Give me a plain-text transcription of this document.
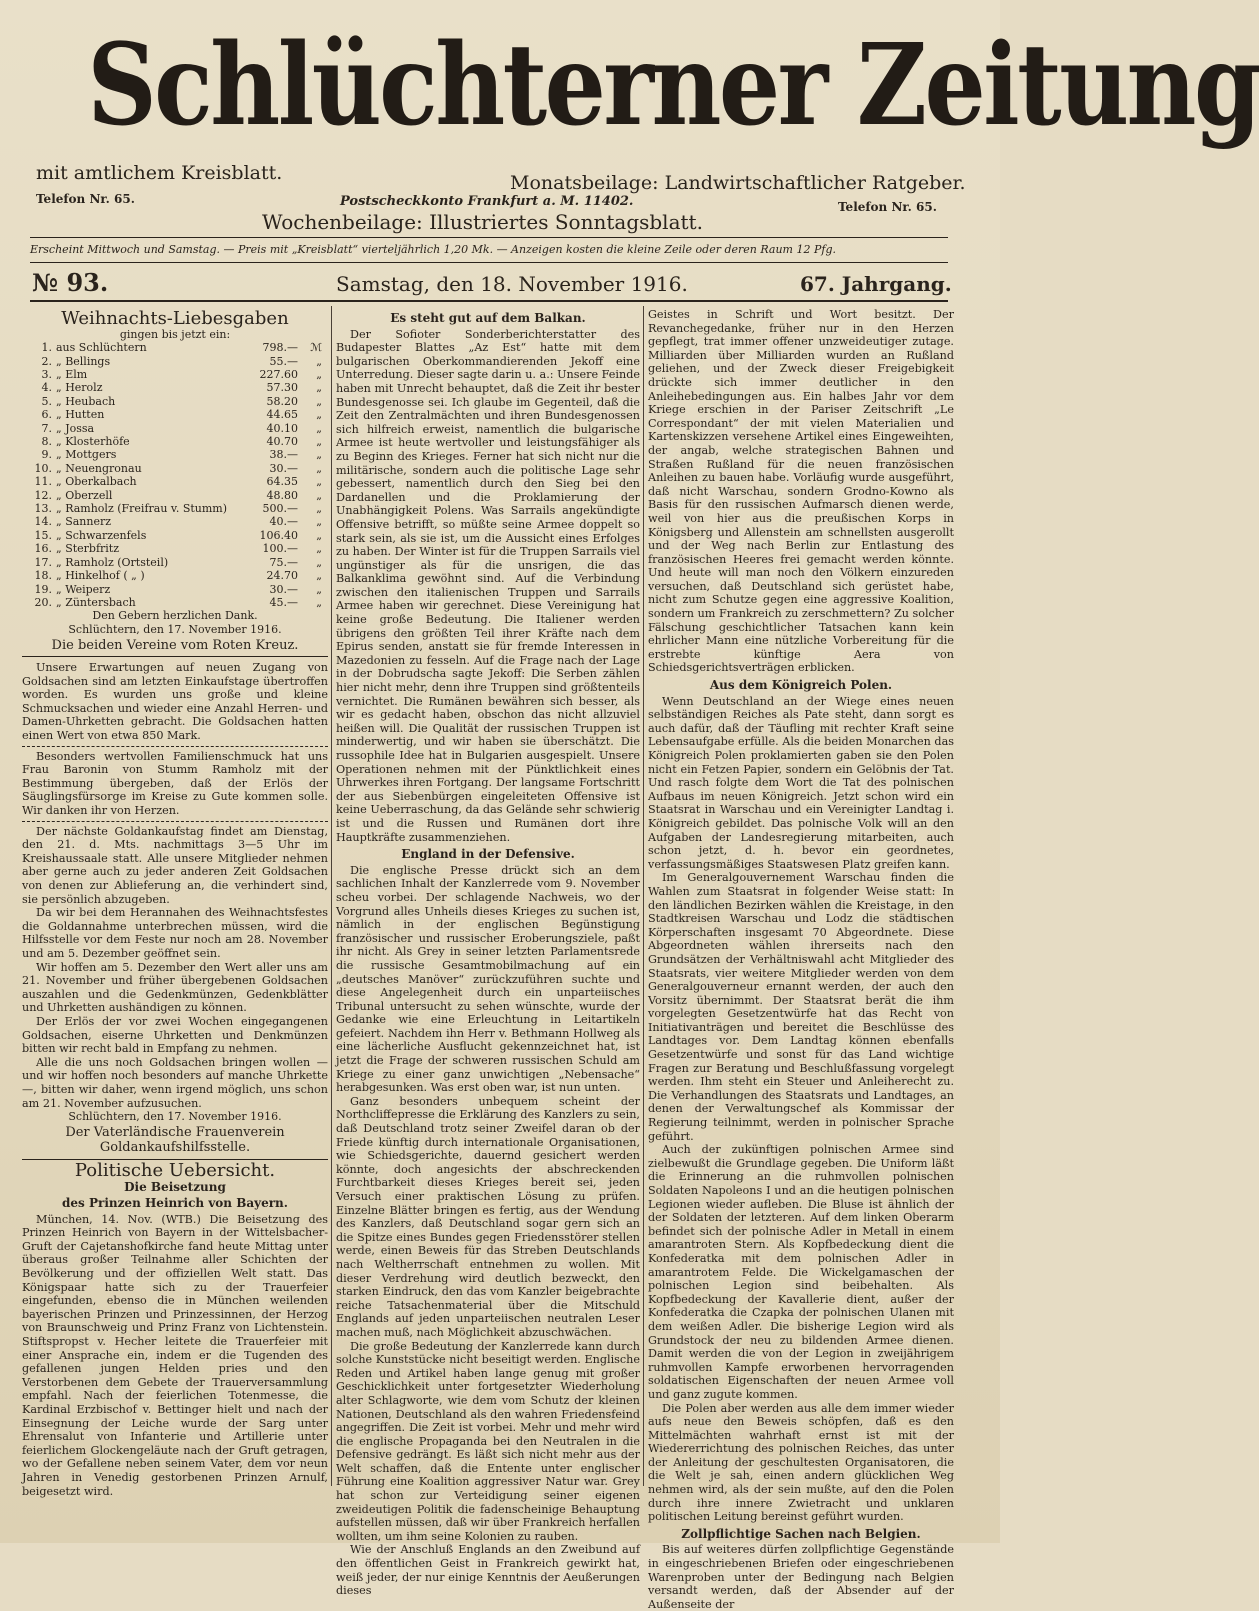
Schlüchterner Zeitung
mit amtlichem Kreisblatt.	Monatsbeilage: Landwirtschaftlicher Ratgeber.
Telefon Nr. 65.
Telefon Nr. 65.
Postscheckkonto Frankfurt a. M. 11402.
Wochenbeilage: Illustriertes Sonntagsblatt.
Erscheint Mittwoch und Samstag. — Preis mit „Kreisblatt“ vierteljährlich 1,20 Mk. — Anzeigen kosten die kleine Zeile oder deren Raum 12 Pfg.
№ 93.	Samstag, den 18. November 1916.	67. Jahrgang.
Weihnachts-Liebesgaben
gingen bis jetzt ein:
1. aus Schlüchtern	798.—	ℳ
2. „ Bellings	55.—	„
3. „ Elm	227.60	„
4. „ Herolz	57.30	„
5. „ Heubach	58.20	„
6. „ Hutten	44.65	„
7. „ Jossa	40.10	„
8. „ Klosterhöfe	40.70	„
9. „ Mottgers	38.—	„
10. „ Neuengronau	30.—	„
11. „ Oberkalbach	64.35	„
12. „ Oberzell	48.80	„
13. „ Ramholz (Freifrau v. Stumm)	500.—	„
14. „ Sannerz	40.—	„
15. „ Schwarzenfels	106.40	„
16. „ Sterbfritz	100.—	„
17. „ Ramholz (Ortsteil)	75.—	„
18. „ Hinkelhof ( „ )	24.70	„
19. „ Weiperz	30.—	„
20. „ Züntersbach	45.—	„
Den Gebern herzlichen Dank.
Schlüchtern, den 17. November 1916.
Die beiden Vereine vom Roten Kreuz.

Unsere Erwartungen auf neuen Zugang von Goldsachen sind am letzten Einkaufstage übertroffen worden. Es wurden uns große und kleine Schmucksachen und wieder eine Anzahl Herren- und Damen-Uhrketten gebracht. Die Goldsachen hatten einen Wert von etwa 850 Mark.

Besonders wertvollen Familienschmuck hat uns Frau Baronin von Stumm Ramholz mit der Bestimmung übergeben, daß der Erlös der Säuglingsfürsorge im Kreise zu Gute kommen solle. Wir danken ihr von Herzen.

Der nächste Goldankaufstag findet am Dienstag, den 21. d. Mts. nachmittags 3—5 Uhr im Kreishaussaale statt. Alle unsere Mitglieder nehmen aber gerne auch zu jeder anderen Zeit Goldsachen von denen zur Ablieferung an, die verhindert sind, sie persönlich abzugeben.

Da wir bei dem Herannahen des Weihnachtsfestes die Goldannahme unterbrechen müssen, wird die Hilfsstelle vor dem Feste nur noch am 28. November und am 5. Dezember geöffnet sein.

Wir hoffen am 5. Dezember den Wert aller uns am 21. November und früher übergebenen Goldsachen auszahlen und die Gedenkmünzen, Gedenkblätter und Uhrketten aushändigen zu können.

Der Erlös der vor zwei Wochen eingegangenen Goldsachen, eiserne Uhrketten und Denkmünzen bitten wir recht bald in Empfang zu nehmen.

Alle die uns noch Goldsachen bringen wollen — und wir hoffen noch besonders auf manche Uhrkette —, bitten wir daher, wenn irgend möglich, uns schon am 21. November aufzusuchen.

Schlüchtern, den 17. November 1916.
Der Vaterländische Frauenverein
Goldankaufshilfsstelle.
Politische Uebersicht.
Die Beisetzung
des Prinzen Heinrich von Bayern.

München, 14. Nov. (WTB.) Die Beisetzung des Prinzen Heinrich von Bayern in der Wittelsbacher-Gruft der Cajetanshofkirche fand heute Mittag unter überaus großer Teilnahme aller Schichten der Bevölkerung und der offiziellen Welt statt. Das Königspaar hatte sich zu der Trauerfeier eingefunden, ebenso die in München weilenden bayerischen Prinzen und Prinzessinnen, der Herzog von Braunschweig und Prinz Franz von Lichtenstein. Stiftspropst v. Hecher leitete die Trauerfeier mit einer Ansprache ein, indem er die Tugenden des gefallenen jungen Helden pries und den Verstorbenen dem Gebete der Trauerversammlung empfahl. Nach der feierlichen Totenmesse, die Kardinal Erzbischof v. Bettinger hielt und nach der Einsegnung der Leiche wurde der Sarg unter Ehrensalut von Infanterie und Artillerie unter feierlichem Glockengeläute nach der Gruft getragen, wo der Gefallene neben seinem Vater, dem vor neun Jahren in Venedig gestorbenen Prinzen Arnulf, beigesetzt wird.

Es steht gut auf dem Balkan.

Der Sofioter Sonderberichterstatter des Budapester Blattes „Az Est“ hatte mit dem bulgarischen Oberkommandierenden Jekoff eine Unterredung. Dieser sagte darin u. a.: Unsere Feinde haben mit Unrecht behauptet, daß die Zeit ihr bester Bundesgenosse sei. Ich glaube im Gegenteil, daß die Zeit den Zentralmächten und ihren Bundesgenossen sich hilfreich erweist, namentlich die bulgarische Armee ist heute wertvoller und leistungsfähiger als zu Beginn des Krieges. Ferner hat sich nicht nur die militärische, sondern auch die politische Lage sehr gebessert, namentlich durch den Sieg bei den Dardanellen und die Proklamierung der Unabhängigkeit Polens. Was Sarrails angekündigte Offensive betrifft, so müßte seine Armee doppelt so stark sein, als sie ist, um die Aussicht eines Erfolges zu haben. Der Winter ist für die Truppen Sarrails viel ungünstiger als für die unsrigen, die das Balkanklima gewöhnt sind. Auf die Verbindung zwischen den italienischen Truppen und Sarrails Armee haben wir gerechnet. Diese Vereinigung hat keine große Bedeutung. Die Italiener werden übrigens den größten Teil ihrer Kräfte nach dem Epirus senden, anstatt sie für fremde Interessen in Mazedonien zu fesseln. Auf die Frage nach der Lage in der Dobrudscha sagte Jekoff: Die Serben zählen hier nicht mehr, denn ihre Truppen sind größtenteils vernichtet. Die Rumänen bewähren sich besser, als wir es gedacht haben, obschon das nicht allzuviel heißen will. Die Qualität der russischen Truppen ist minderwertig, und wir haben sie überschätzt. Die russophile Idee hat in Bulgarien ausgespielt. Unsere Operationen nehmen mit der Pünktlichkeit eines Uhrwerkes ihren Fortgang. Der langsame Fortschritt der aus Siebenbürgen eingeleiteten Offensive ist keine Ueberraschung, da das Gelände sehr schwierig ist und die Russen und Rumänen dort ihre Hauptkräfte zusammenziehen.

England in der Defensive.

Die englische Presse drückt sich an dem sachlichen Inhalt der Kanzlerrede vom 9. November scheu vorbei. Der schlagende Nachweis, wo der Vorgrund alles Unheils dieses Krieges zu suchen ist, nämlich in der englischen Begünstigung französischer und russischer Eroberungsziele, paßt ihr nicht. Als Grey in seiner letzten Parlamentsrede die russische Gesamtmobilmachung auf ein „deutsches Manöver“ zurückzuführen suchte und diese Angelegenheit durch ein unparteiisches Tribunal untersucht zu sehen wünschte, wurde der Gedanke wie eine Erleuchtung in Leitartikeln gefeiert. Nachdem ihn Herr v. Bethmann Hollweg als eine lächerliche Ausflucht gekennzeichnet hat, ist jetzt die Frage der schweren russischen Schuld am Kriege zu einer ganz unwichtigen „Nebensache“ herabgesunken. Was erst oben war, ist nun unten.

Ganz besonders unbequem scheint der Northcliffepresse die Erklärung des Kanzlers zu sein, daß Deutschland trotz seiner Zweifel daran ob der Friede künftig durch internationale Organisationen, wie Schiedsgerichte, dauernd gesichert werden könnte, doch angesichts der abschreckenden Furchtbarkeit dieses Krieges bereit sei, jeden Versuch einer praktischen Lösung zu prüfen. Einzelne Blätter bringen es fertig, aus der Wendung des Kanzlers, daß Deutschland sogar gern sich an die Spitze eines Bundes gegen Friedensstörer stellen werde, einen Beweis für das Streben Deutschlands nach Weltherrschaft entnehmen zu wollen. Mit dieser Verdrehung wird deutlich bezweckt, den starken Eindruck, den das vom Kanzler beigebrachte reiche Tatsachenmaterial über die Mitschuld Englands auf jeden unparteiischen neutralen Leser machen muß, nach Möglichkeit abzuschwächen.

Die große Bedeutung der Kanzlerrede kann durch solche Kunststücke nicht beseitigt werden. Englische Reden und Artikel haben lange genug mit großer Geschicklichkeit unter fortgesetzter Wiederholung alter Schlagworte, wie dem vom Schutz der kleinen Nationen, Deutschland als den wahren Friedensfeind angegriffen. Die Zeit ist vorbei. Mehr und mehr wird die englische Propaganda bei den Neutralen in die Defensive gedrängt. Es läßt sich nicht mehr aus der Welt schaffen, daß die Entente unter englischer Führung eine Koalition aggressiver Natur war. Grey hat schon zur Verteidigung seiner eigenen zweideutigen Politik die fadenscheinige Behauptung aufstellen müssen, daß wir über Frankreich herfallen wollten, um ihm seine Kolonien zu rauben.

Wie der Anschluß Englands an den Zweibund auf den öffentlichen Geist in Frankreich gewirkt hat, weiß jeder, der nur einige Kenntnis der Aeußerungen dieses

Geistes in Schrift und Wort besitzt. Der Revanchegedanke, früher nur in den Herzen gepflegt, trat immer offener unzweideutiger zutage. Milliarden über Milliarden wurden an Rußland geliehen, und der Zweck dieser Freigebigkeit drückte sich immer deutlicher in den Anleihebedingungen aus. Ein halbes Jahr vor dem Kriege erschien in der Pariser Zeitschrift „Le Correspondant“ der mit vielen Materialien und Kartenskizzen versehene Artikel eines Eingeweihten, der angab, welche strategischen Bahnen und Straßen Rußland für die neuen französischen Anleihen zu bauen habe. Vorläufig wurde ausgeführt, daß nicht Warschau, sondern Grodno-Kowno als Basis für den russischen Aufmarsch dienen werde, weil von hier aus die preußischen Korps in Königsberg und Allenstein am schnellsten ausgerollt und der Weg nach Berlin zur Entlastung des französischen Heeres frei gemacht werden könnte. Und heute will man noch den Völkern einzureden versuchen, daß Deutschland sich gerüstet habe, nicht zum Schutze gegen eine aggressive Koalition, sondern um Frankreich zu zerschmettern? Zu solcher Fälschung geschichtlicher Tatsachen kann kein ehrlicher Mann eine nützliche Vorbereitung für die erstrebte künftige Aera von Schiedsgerichtsverträgen erblicken.

Aus dem Königreich Polen.

Wenn Deutschland an der Wiege eines neuen selbständigen Reiches als Pate steht, dann sorgt es auch dafür, daß der Täufling mit rechter Kraft seine Lebensaufgabe erfülle. Als die beiden Monarchen das Königreich Polen proklamierten gaben sie den Polen nicht ein Fetzen Papier, sondern ein Gelöbnis der Tat. Und rasch folgte dem Wort die Tat des polnischen Aufbaus im neuen Königreich. Jetzt schon wird ein Staatsrat in Warschau und ein Vereinigter Landtag i. Königreich gebildet. Das polnische Volk will an den Aufgaben der Landesregierung mitarbeiten, auch schon jetzt, d. h. bevor ein geordnetes, verfassungsmäßiges Staatswesen Platz greifen kann.

Im Generalgouvernement Warschau finden die Wahlen zum Staatsrat in folgender Weise statt: In den ländlichen Bezirken wählen die Kreistage, in den Stadtkreisen Warschau und Lodz die städtischen Körperschaften insgesamt 70 Abgeordnete. Diese Abgeordneten wählen ihrerseits nach den Grundsätzen der Verhältniswahl acht Mitglieder des Staatsrats, vier weitere Mitglieder werden von dem Generalgouverneur ernannt werden, der auch den Vorsitz übernimmt. Der Staatsrat berät die ihm vorgelegten Gesetzentwürfe hat das Recht von Initiativanträgen und bereitet die Beschlüsse des Landtages vor. Dem Landtag können ebenfalls Gesetzentwürfe und sonst für das Land wichtige Fragen zur Beratung und Beschlußfassung vorgelegt werden. Ihm steht ein Steuer und Anleiherecht zu. Die Verhandlungen des Staatsrats und Landtages, an denen der Verwaltungschef als Kommissar der Regierung teilnimmt, werden in polnischer Sprache geführt.

Auch der zukünftigen polnischen Armee sind zielbewußt die Grundlage gegeben. Die Uniform läßt die Erinnerung an die ruhmvollen polnischen Soldaten Napoleons I und an die heutigen polnischen Legionen wieder aufleben. Die Bluse ist ähnlich der der Soldaten der letzteren. Auf dem linken Oberarm befindet sich der polnische Adler in Metall in einem amarantroten Stern. Als Kopfbedeckung dient die Konfederatka mit dem polnischen Adler in amarantrotem Felde. Die Wickelgamaschen der polnischen Legion sind beibehalten. Als Kopfbedeckung der Kavallerie dient, außer der Konfederatka die Czapka der polnischen Ulanen mit dem weißen Adler. Die bisherige Legion wird als Grundstock der neu zu bildenden Armee dienen. Damit werden die von der Legion in zweijährigem ruhmvollen Kampfe erworbenen hervorragenden soldatischen Eigenschaften der neuen Armee voll und ganz zugute kommen.

Die Polen aber werden aus alle dem immer wieder aufs neue den Beweis schöpfen, daß es den Mittelmächten wahrhaft ernst ist mit der Wiedererrichtung des polnischen Reiches, das unter der Anleitung der geschultesten Organisatoren, die die Welt je sah, einen andern glücklichen Weg nehmen wird, als der sein mußte, auf den die Polen durch ihre innere Zwietracht und unklaren politischen Leitung bereinst geführt wurden.

Zollpflichtige Sachen nach Belgien.

Bis auf weiteres dürfen zollpflichtige Gegenstände in eingeschriebenen Briefen oder eingeschriebenen Warenproben unter der Bedingung nach Belgien versandt werden, daß der Absender auf der Außenseite der
